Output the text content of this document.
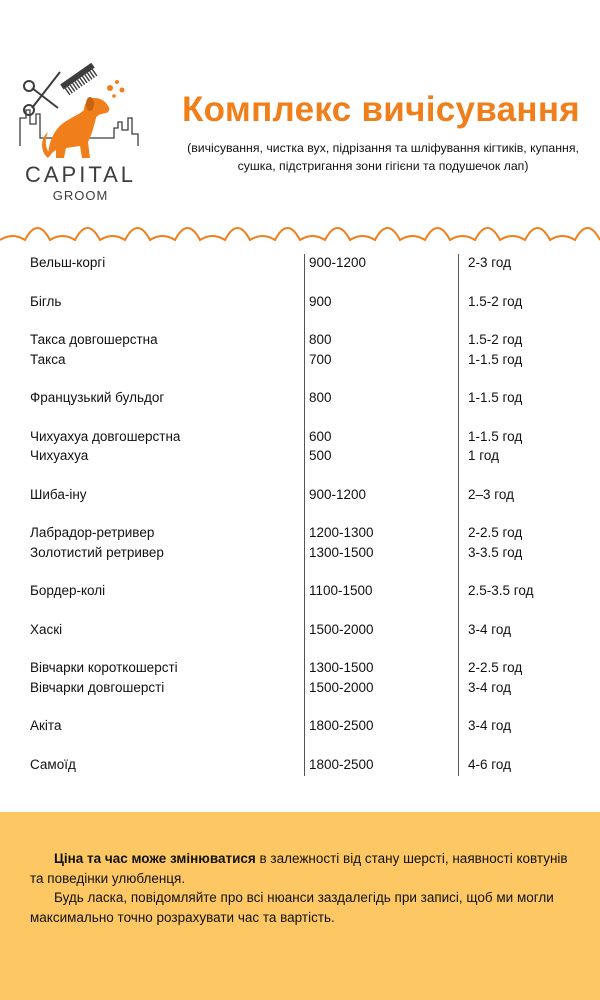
CAPITAL
GROOM
Комплекс вичісування
(вичісування, чистка вух, підрізання та шліфування кігтиків, купання, сушка, підстригання зони гігієни та подушечок лап)
Вельш-коргі	900-1200	2-3 год
Бігль	900	1.5-2 год
Такса довгошерстна	800	1.5-2 год
Такса	700	1-1.5 год
Французький бульдог	800	1-1.5 год
Чихуахуа довгошерстна	600	1-1.5 год
Чихуахуа	500	1 год
Шиба-іну	900-1200	2–3 год
Лабрадор-ретривер	1200-1300	2-2.5 год
Золотистий ретривер	1300-1500	3-3.5 год
Бордер-колі	1100-1500	2.5-3.5 год
Хаскі	1500-2000	3-4 год
Вівчарки короткошерсті	1300-1500	2-2.5 год
Вівчарки довгошерсті	1500-2000	3-4 год
Акіта	1800-2500	3-4 год
Самоїд	1800-2500	4-6 год

Ціна та час може змінюватися в залежності від стану шерсті, наявності ковтунів та поведінки улюбленця.

Будь ласка, повідомляйте про всі нюанси заздалегідь при записі, щоб ми могли максимально точно розрахувати час та вартість.
